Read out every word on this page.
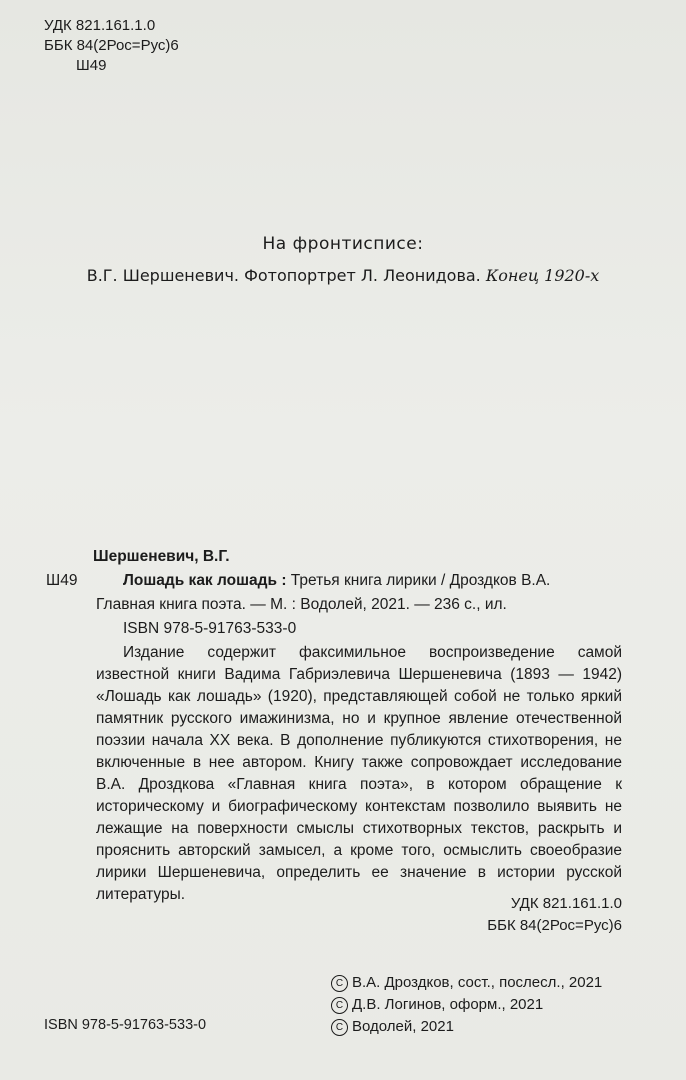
УДК 821.161.1.0
ББК 84(2Рос=Рус)6
Ш49
На фронтисписе:
В.Г. Шершеневич. Фотопортрет Л. Леонидова. Конец 1920-х
Шершеневич, В.Г.
Ш49	Лошадь как лошадь : Третья книга лирики / Дроздков В.А.
Главная книга поэта. — М. : Водолей, 2021. — 236 с., ил.
ISBN 978-5-91763-533-0
Издание содержит факсимильное воспроизведение самой известной книги Вадима Габриэлевича Шершеневича (1893 — 1942) «Лошадь как лошадь» (1920), представляющей собой не только яркий памятник русского имажинизма, но и крупное явление отечественной поэзии начала XX века. В дополнение публикуются стихотворения, не включенные в нее автором. Книгу также сопровождает исследование В.А. Дроздкова «Главная книга поэта», в котором обращение к историческому и биографическому контекстам позволило выявить не лежащие на поверхности смыслы стихотворных текстов, раскрыть и прояснить авторский замысел, а кроме того, осмыслить своеобразие лирики Шершеневича, определить ее значение в истории русской литературы.
УДК 821.161.1.0
ББК 84(2Рос=Рус)6
C В.А. Дроздков, сост., послесл., 2021
C Д.В. Логинов, оформ., 2021
C Водолей, 2021
ISBN 978-5-91763-533-0
